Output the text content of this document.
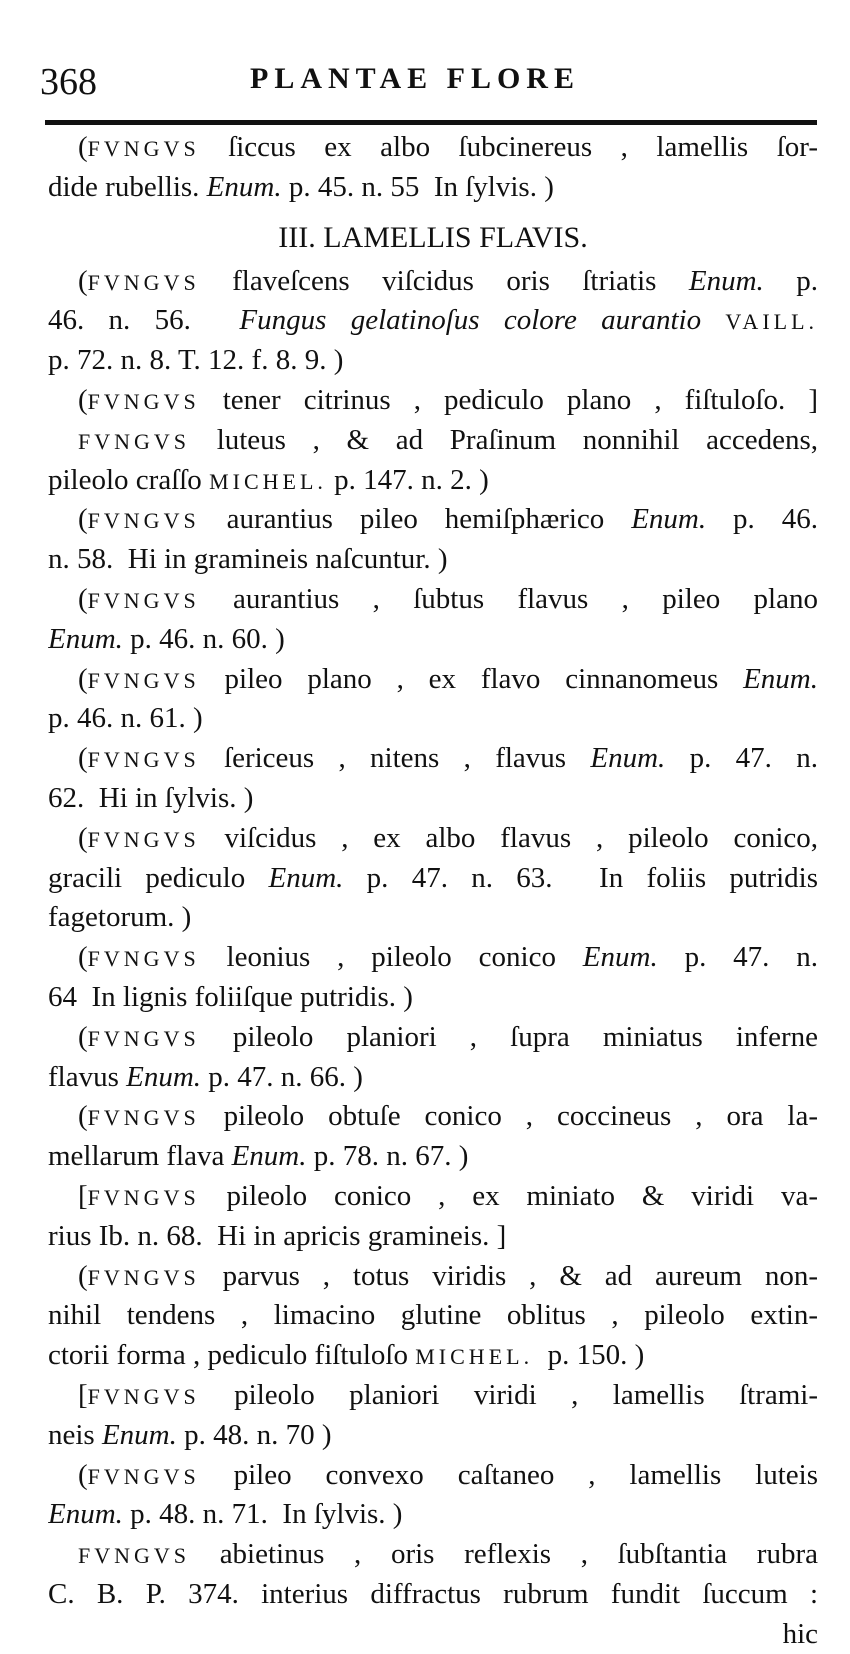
368	PLANTAE FLORE
(FVNGVS ſiccus ex albo ſubcinereus , lamellis ſor-
dide rubellis. Enum. p. 45. n. 55  In ſylvis. )
III. LAMELLIS FLAVIS.
(FVNGVS flaveſcens viſcidus oris ſtriatis Enum. p.
46. n. 56.  Fungus gelatinoſus colore aurantio VAILL.
p. 72. n. 8. T. 12. f. 8. 9. )
(FVNGVS tener citrinus , pediculo plano , fiſtuloſo. ]
FVNGVS luteus , & ad Praſinum nonnihil accedens,
pileolo craſſo MICHEL. p. 147. n. 2. )
(FVNGVS aurantius pileo hemiſphærico Enum. p. 46.
n. 58.  Hi in gramineis naſcuntur. )
(FVNGVS aurantius , ſubtus flavus , pileo plano
Enum. p. 46. n. 60. )
(FVNGVS pileo plano , ex flavo cinnanomeus Enum.
p. 46. n. 61. )
(FVNGVS ſericeus , nitens , flavus Enum. p. 47. n.
62.  Hi in ſylvis. )
(FVNGVS viſcidus , ex albo flavus , pileolo conico,
gracili pediculo Enum. p. 47. n. 63.  In foliis putridis
fagetorum. )
(FVNGVS leonius , pileolo conico Enum. p. 47. n.
64  In lignis foliiſque putridis. )
(FVNGVS pileolo planiori , ſupra miniatus inferne
flavus Enum. p. 47. n. 66. )
(FVNGVS pileolo obtuſe conico , coccineus , ora la-
mellarum flava Enum. p. 78. n. 67. )
[FVNGVS pileolo conico , ex miniato & viridi va-
rius Ib. n. 68.  Hi in apricis gramineis. ]
(FVNGVS parvus , totus viridis , & ad aureum non-
nihil tendens , limacino glutine oblitus , pileolo extin-
ctorii forma , pediculo fiſtuloſo MICHEL.  p. 150. )
[FVNGVS pileolo planiori viridi , lamellis ſtrami-
neis Enum. p. 48. n. 70 )
(FVNGVS pileo convexo caſtaneo , lamellis luteis
Enum. p. 48. n. 71.  In ſylvis. )
FVNGVS abietinus , oris reflexis , ſubſtantia rubra
C. B. P. 374. interius diffractus rubrum fundit ſuccum :
hic
